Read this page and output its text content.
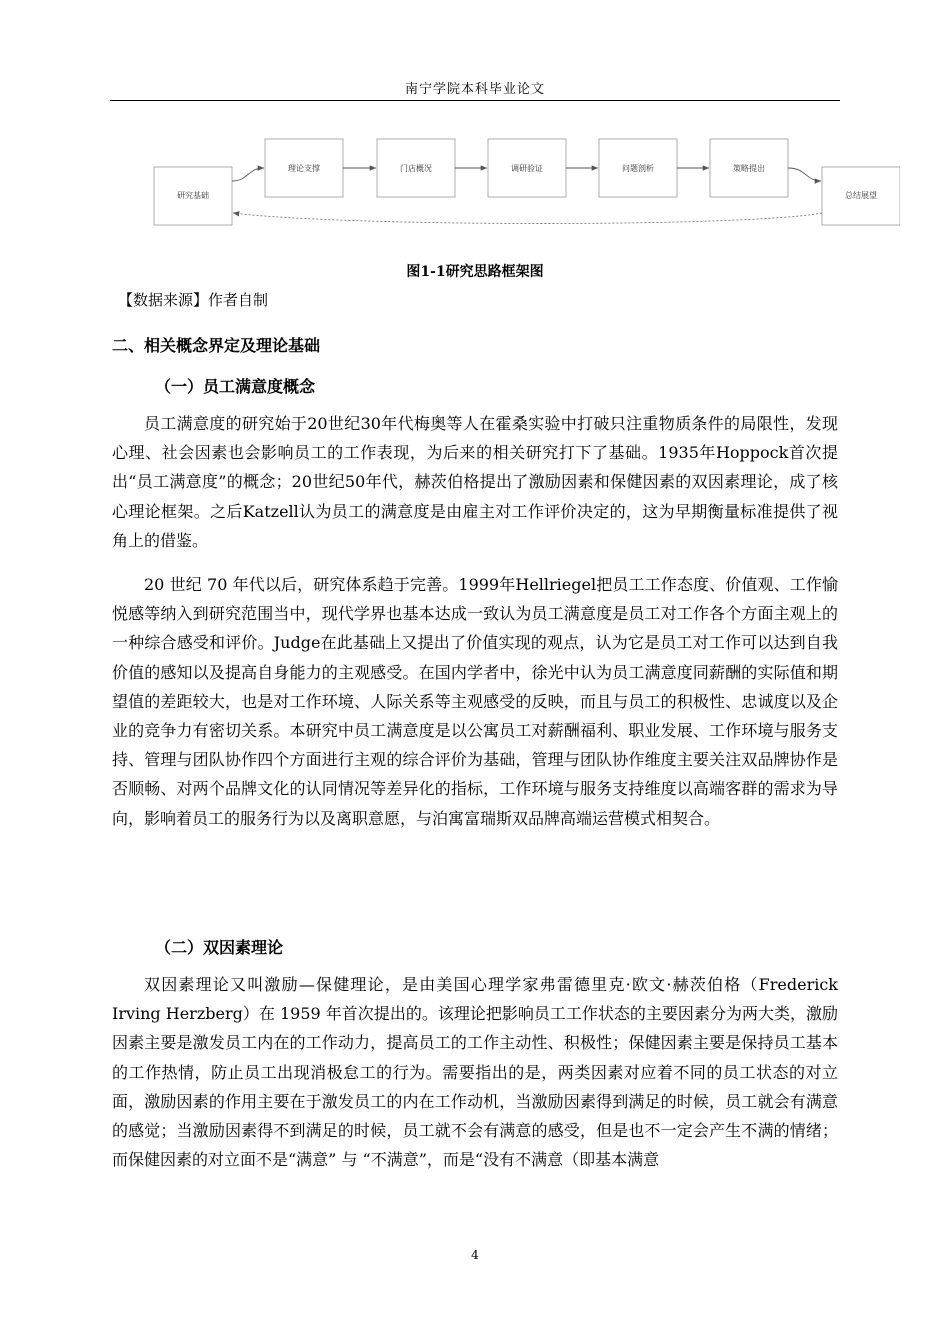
南宁学院本科毕业论文
研究基础
理论支撑	门店概况	调研验证	问题剖析	策略提出
总结展望
图1-1研究思路框架图
【数据来源】作者自制
二、相关概念界定及理论基础
（一）员工满意度概念

员工满意度的研究始于20世纪30年代梅奥等人在霍桑实验中打破只注重物质条件的局限性，发现心理、社会因素也会影响员工的工作表现，为后来的相关研究打下了基础。1935年Hoppock首次提出“员工满意度”的概念；20世纪50年代，赫茨伯格提出了激励因素和保健因素的双因素理论，成了核心理论框架。之后Katzell认为员工的满意度是由雇主对工作评价决定的，这为早期衡量标准提供了视角上的借鉴。

20 世纪 70 年代以后，研究体系趋于完善。1999年Hellriegel把员工工作态度、价值观、工作愉悦感等纳入到研究范围当中，现代学界也基本达成一致认为员工满意度是员工对工作各个方面主观上的一种综合感受和评价。Judge在此基础上又提出了价值实现的观点，认为它是员工对工作可以达到自我价值的感知以及提高自身能力的主观感受。在国内学者中，徐光中认为员工满意度同薪酬的实际值和期望值的差距较大，也是对工作环境、人际关系等主观感受的反映，而且与员工的积极性、忠诚度以及企业的竞争力有密切关系。本研究中员工满意度是以公寓员工对薪酬福利、职业发展、工作环境与服务支持、管理与团队协作四个方面进行主观的综合评价为基础，管理与团队协作维度主要关注双品牌协作是否顺畅、对两个品牌文化的认同情况等差异化的指标，工作环境与服务支持维度以高端客群的需求为导向，影响着员工的服务行为以及离职意愿，与泊寓富瑞斯双品牌高端运营模式相契合。

（二）双因素理论

双因素理论又叫激励—保健理论，是由美国心理学家弗雷德里克·欧文·赫茨伯格（Frederick Irving Herzberg）在 1959 年首次提出的。该理论把影响员工工作状态的主要因素分为两大类，激励因素主要是激发员工内在的工作动力，提高员工的工作主动性、积极性；保健因素主要是保持员工基本的工作热情，防止员工出现消极怠工的行为。需要指出的是，两类因素对应着不同的员工状态的对立面，激励因素的作用主要在于激发员工的内在工作动机，当激励因素得到满足的时候，员工就会有满意的感觉；当激励因素得不到满足的时候，员工就不会有满意的感受，但是也不一定会产生不满的情绪；而保健因素的对立面不是“满意” 与 “不满意”，而是“没有不满意（即基本满意

4
